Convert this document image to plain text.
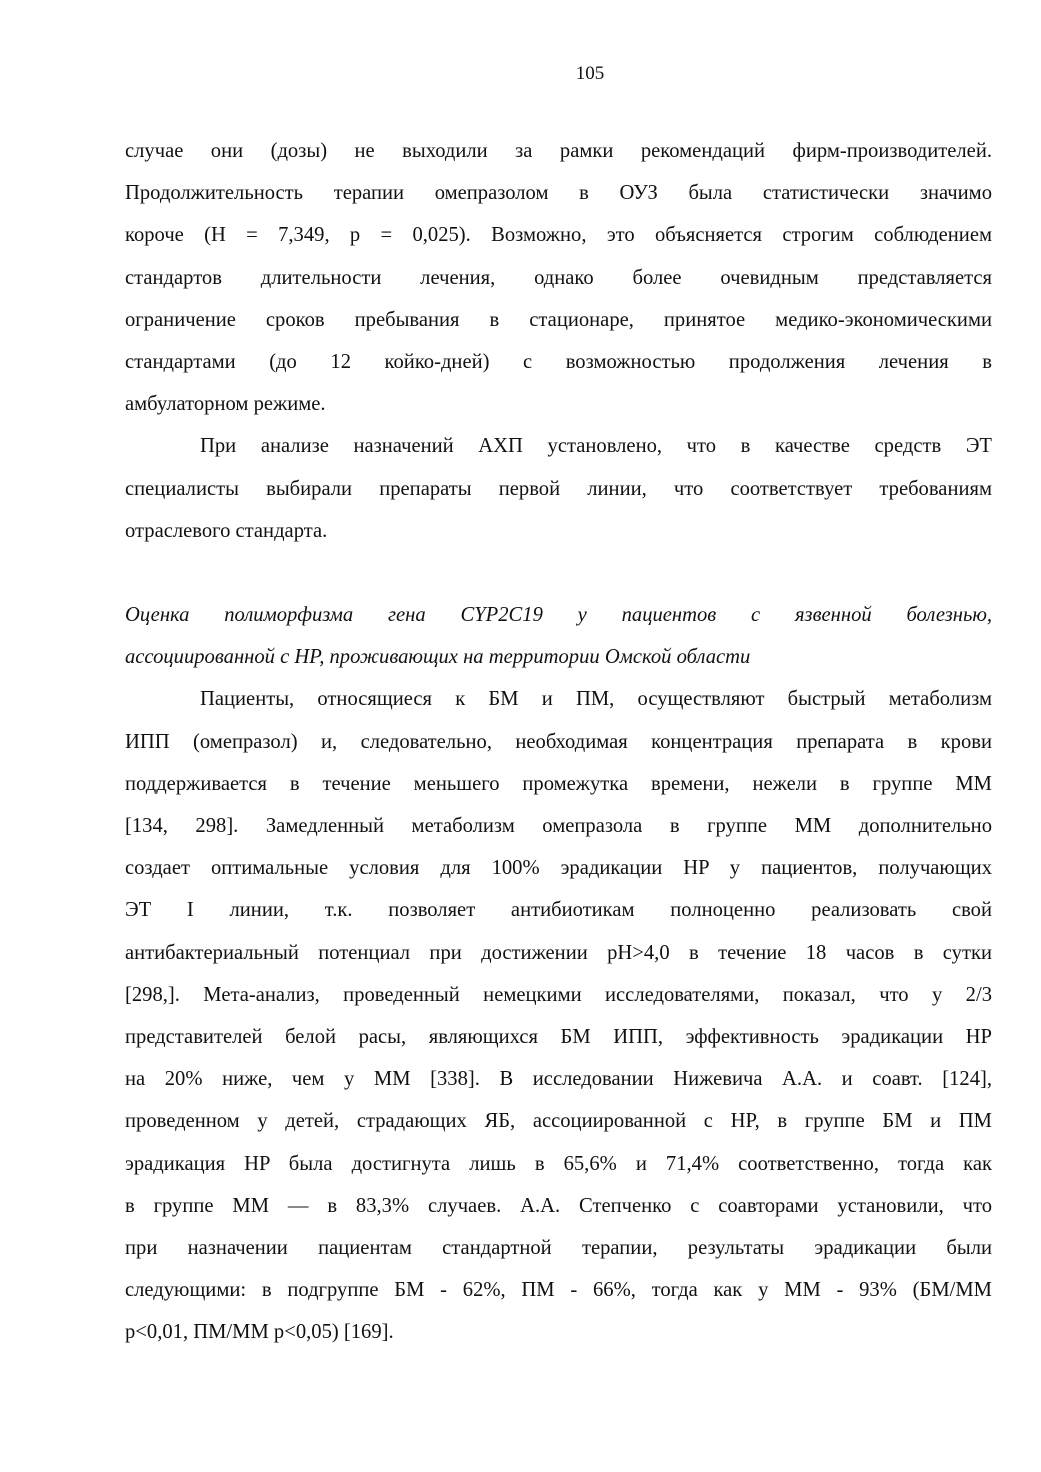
105
случае они (дозы) не выходили за рамки рекомендаций фирм-производителей.
Продолжительность терапии омепразолом в ОУЗ была статистически значимо
короче (Н = 7,349, р = 0,025). Возможно, это объясняется строгим соблюдением
стандартов длительности лечения, однако более очевидным представляется
ограничение сроков пребывания в стационаре, принятое медико-экономическими
стандартами (до 12 койко-дней) с возможностью продолжения лечения в
амбулаторном режиме.
При анализе назначений АХП установлено, что в качестве средств ЭТ
специалисты выбирали препараты первой линии, что соответствует требованиям
отраслевого стандарта.
Оценка полиморфизма гена CYP2C19 у пациентов с язвенной болезнью,
ассоциированной с HP, проживающих на территории Омской области
Пациенты, относящиеся к БМ и ПМ, осуществляют быстрый метаболизм
ИПП (омепразол) и, следовательно, необходимая концентрация препарата в крови
поддерживается в течение меньшего промежутка времени, нежели в группе ММ
[134, 298]. Замедленный метаболизм омепразола в группе ММ дополнительно
создает оптимальные условия для 100% эрадикации HP у пациентов, получающих
ЭТ I линии, т.к. позволяет антибиотикам полноценно реализовать свой
антибактериальный потенциал при достижении pH>4,0 в течение 18 часов в сутки
[298,]. Мета-анализ, проведенный немецкими исследователями, показал, что у 2/3
представителей белой расы, являющихся БМ ИПП, эффективность эрадикации HP
на 20% ниже, чем у ММ [338]. В исследовании Нижевича А.А. и соавт. [124],
проведенном у детей, страдающих ЯБ, ассоциированной с HP, в группе БМ и ПМ
эрадикация HP была достигнута лишь в 65,6% и 71,4% соответственно, тогда как
в группе ММ — в 83,3% случаев. А.А. Степченко с соавторами установили, что
при назначении пациентам стандартной терапии, результаты эрадикации были
следующими: в подгруппе БМ - 62%, ПМ - 66%, тогда как у ММ - 93% (БМ/ММ
p<0,01, ПМ/ММ p<0,05) [169].
